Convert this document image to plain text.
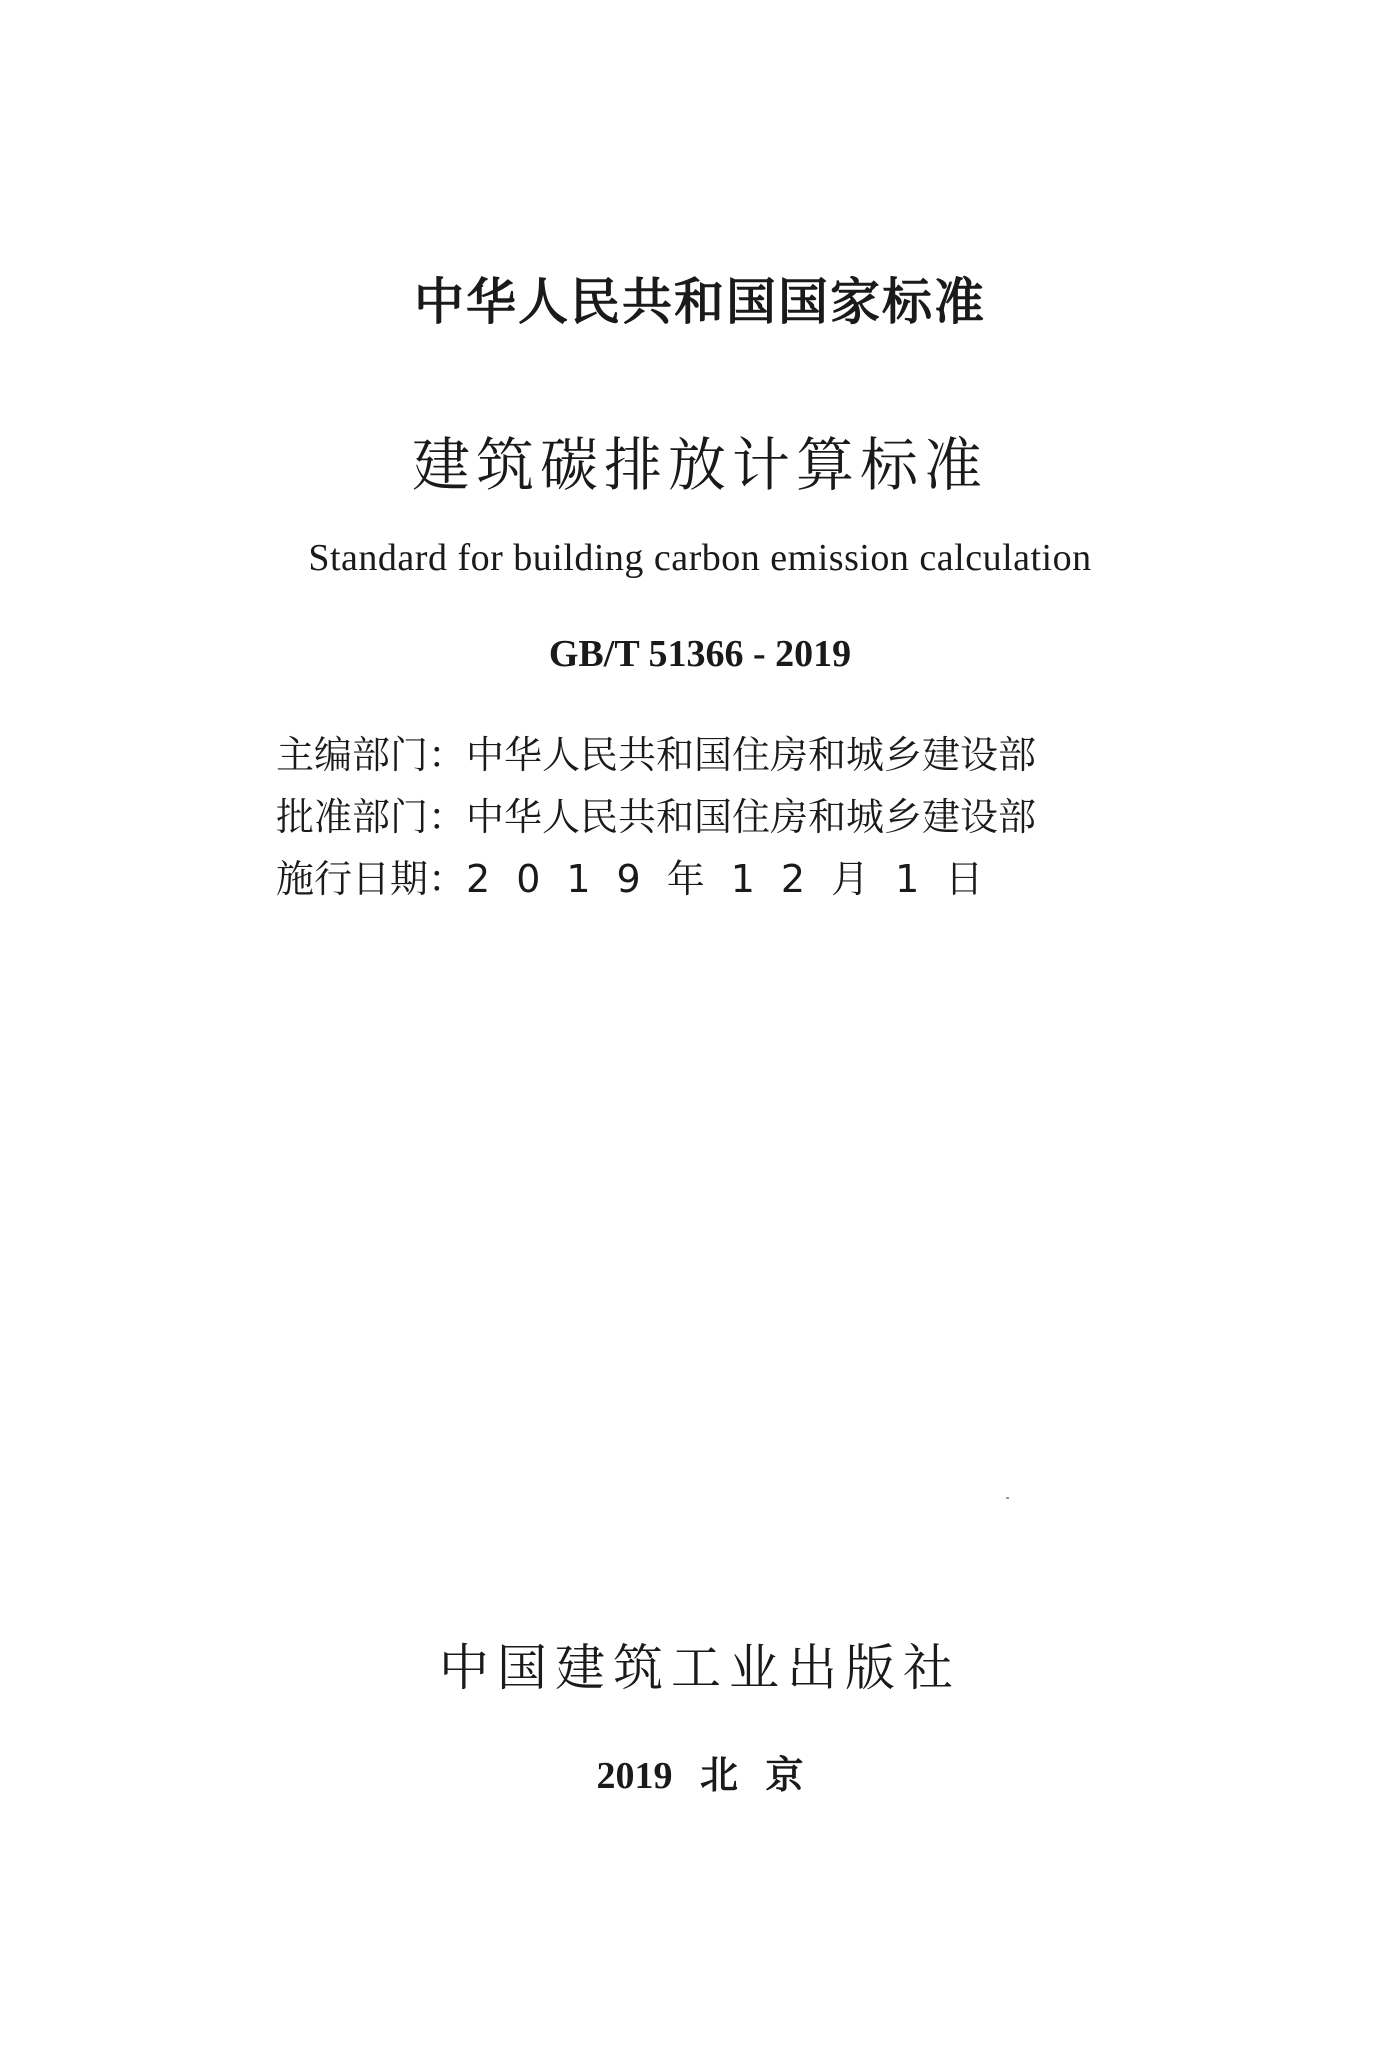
中华人民共和国国家标准
建筑碳排放计算标准
Standard for building carbon emission calculation
GB/T 51366 - 2019
主编部门： 中华人民共和国住房和城乡建设部
批准部门： 中华人民共和国住房和城乡建设部
施行日期： 2019年12月1日
中国建筑工业出版社
2019 北 京
